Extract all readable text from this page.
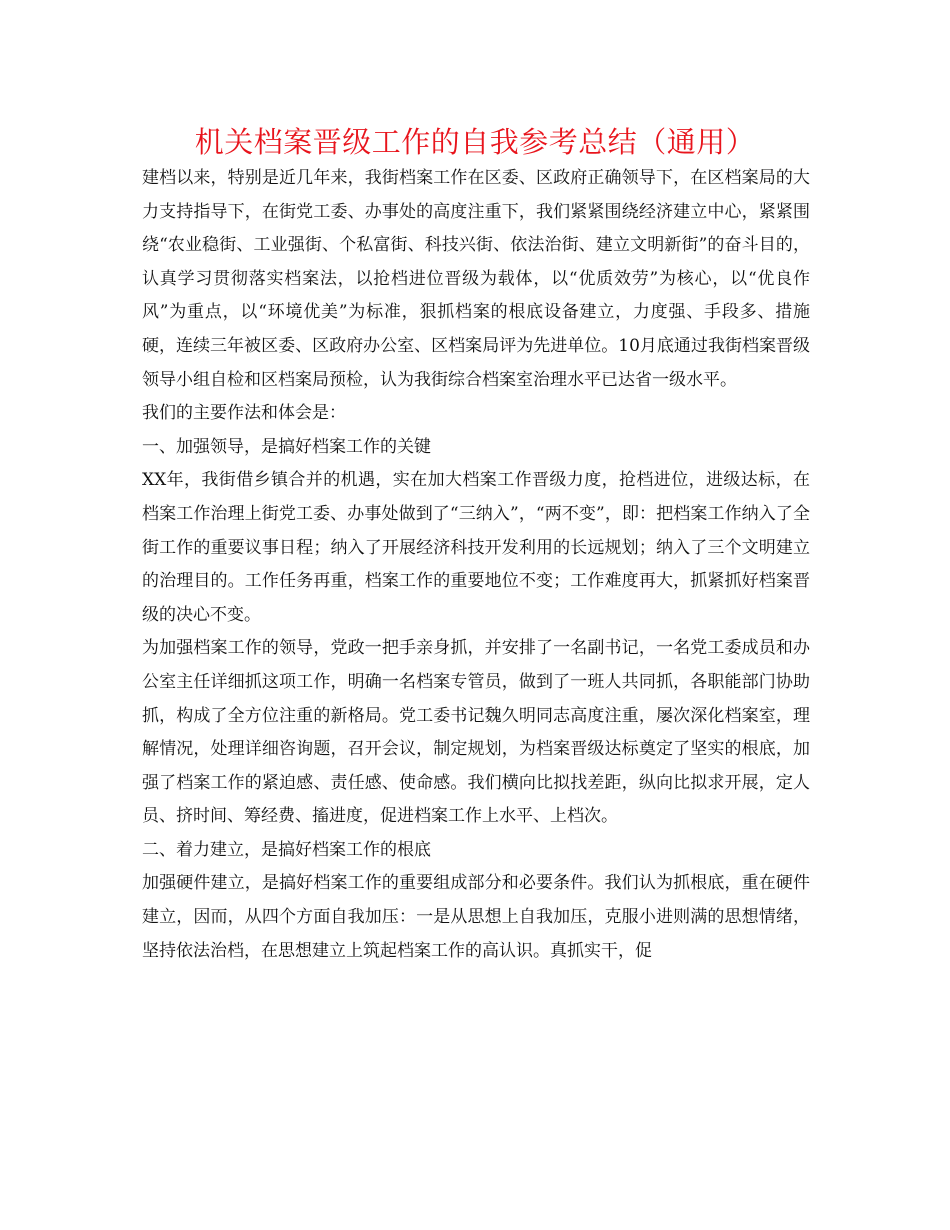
机关档案晋级工作的自我参考总结（通用）

建档以来，特别是近几年来，我街档案工作在区委、区政府正确领导下，在区档案局的大力支持指导下，在街党工委、办事处的高度注重下，我们紧紧围绕经济建立中心，紧紧围绕“农业稳街、工业强街、个私富街、科技兴街、依法治街、建立文明新街”的奋斗目的，认真学习贯彻落实档案法，以抢档进位晋级为载体，以“优质效劳”为核心，以“优良作风”为重点，以“环境优美”为标准，狠抓档案的根底设备建立，力度强、手段多、措施硬，连续三年被区委、区政府办公室、区档案局评为先进单位。10月底通过我街档案晋级领导小组自检和区档案局预检，认为我街综合档案室治理水平已达省一级水平。

我们的主要作法和体会是：

一、加强领导，是搞好档案工作的关键

XX年，我街借乡镇合并的机遇，实在加大档案工作晋级力度，抢档进位，进级达标，在档案工作治理上街党工委、办事处做到了“三纳入”，“两不变”，即：把档案工作纳入了全街工作的重要议事日程；纳入了开展经济科技开发利用的长远规划；纳入了三个文明建立的治理目的。工作任务再重，档案工作的重要地位不变；工作难度再大，抓紧抓好档案晋级的决心不变。

为加强档案工作的领导，党政一把手亲身抓，并安排了一名副书记，一名党工委成员和办公室主任详细抓这项工作，明确一名档案专管员，做到了一班人共同抓，各职能部门协助抓，构成了全方位注重的新格局。党工委书记魏久明同志高度注重，屡次深化档案室，理解情况，处理详细咨询题，召开会议，制定规划，为档案晋级达标奠定了坚实的根底，加强了档案工作的紧迫感、责任感、使命感。我们横向比拟找差距，纵向比拟求开展，定人员、挤时间、筹经费、搐进度，促进档案工作上水平、上档次。

二、着力建立，是搞好档案工作的根底

加强硬件建立，是搞好档案工作的重要组成部分和必要条件。我们认为抓根底，重在硬件建立，因而，从四个方面自我加压：一是从思想上自我加压，克服小进则满的思想情绪，坚持依法治档，在思想建立上筑起档案工作的高认识。真抓实干，促
